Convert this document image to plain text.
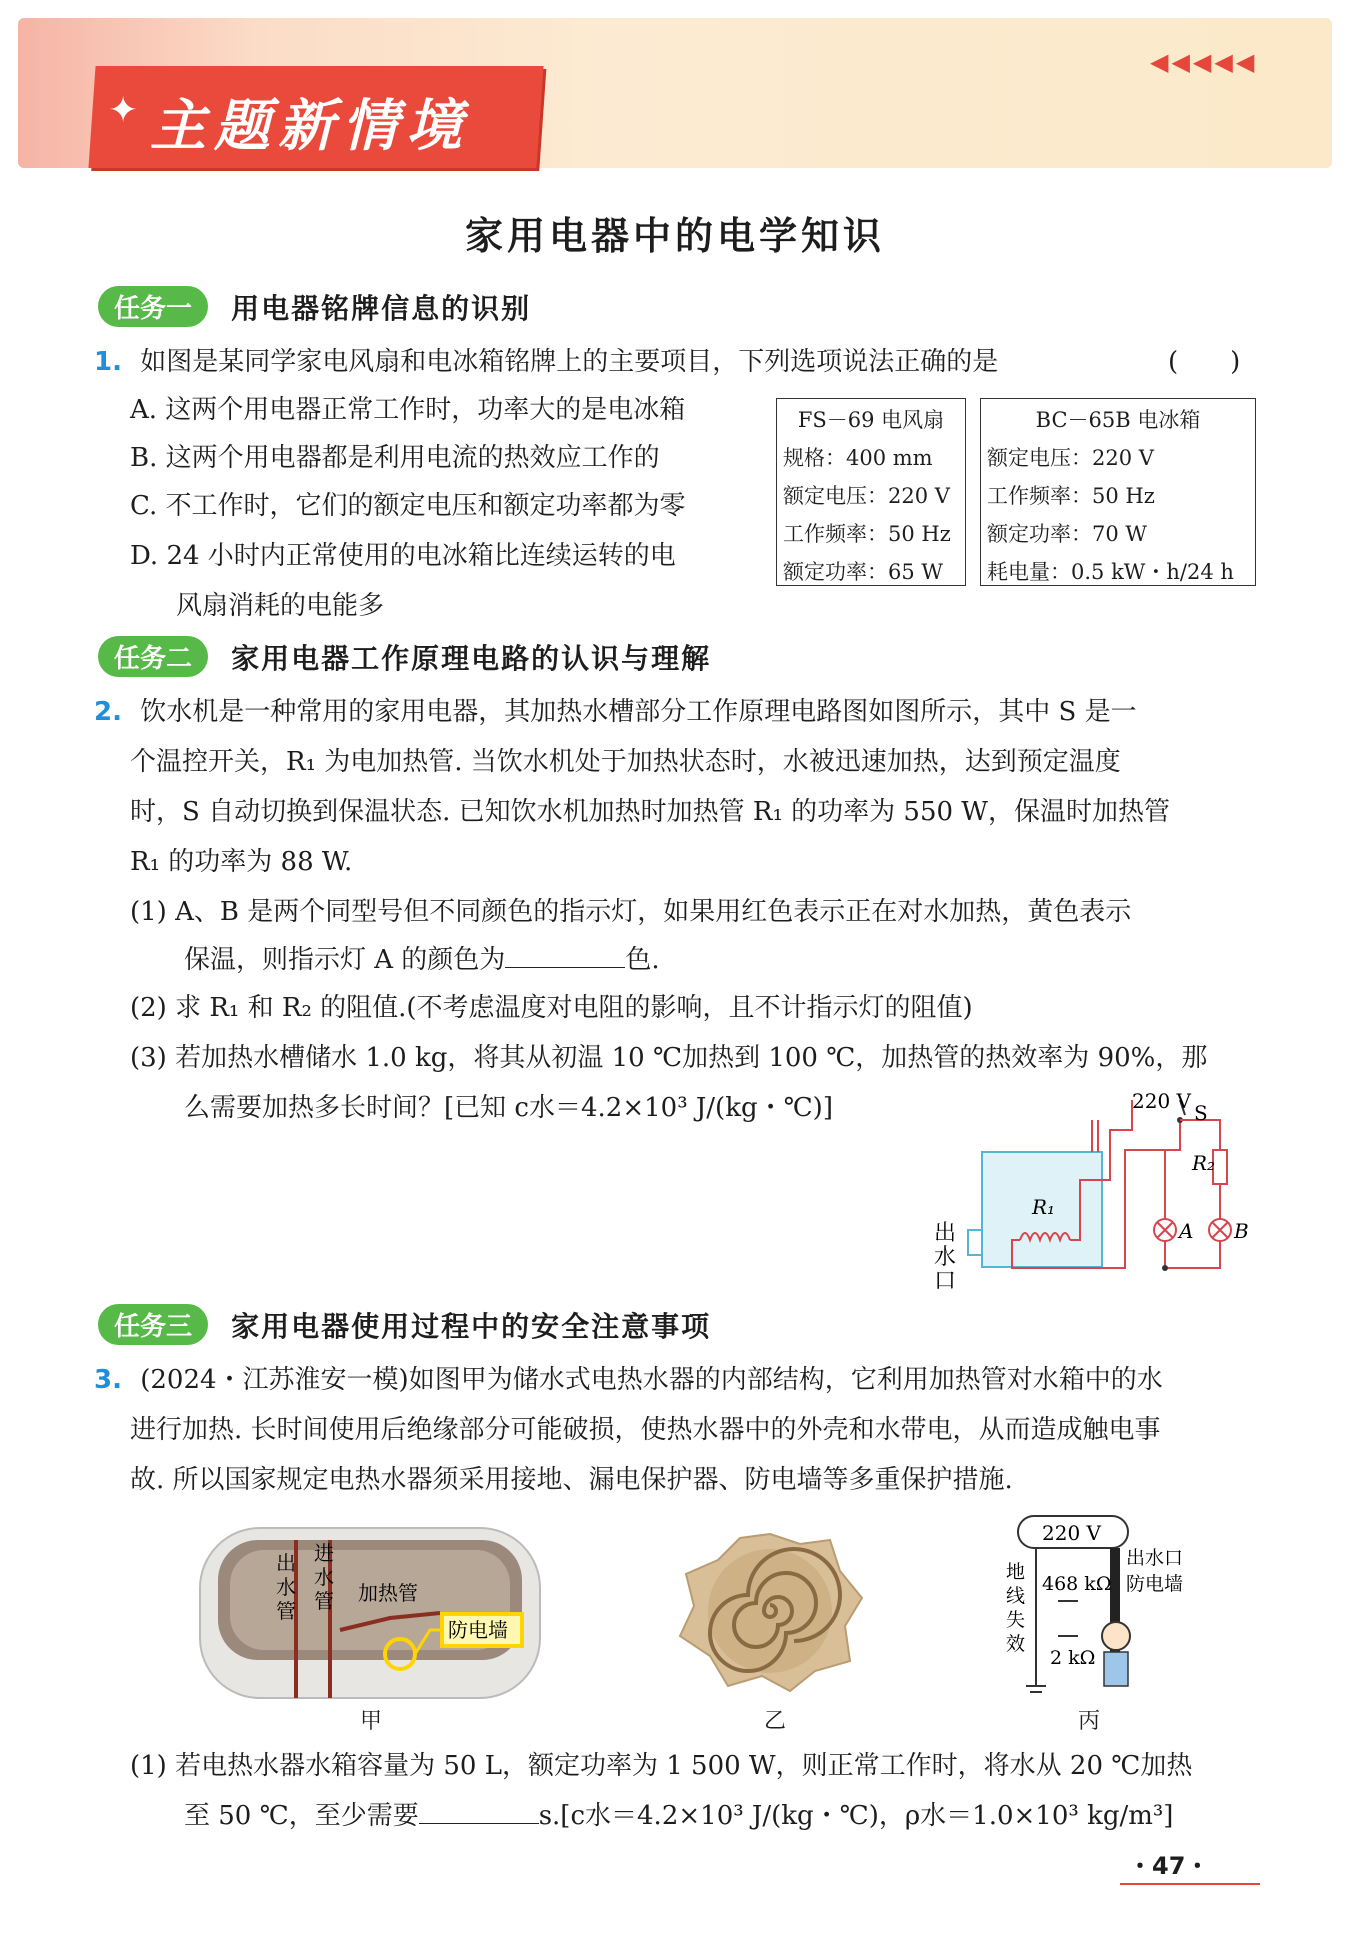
✦ 主题新情境
◀◀◀◀◀
家用电器中的电学知识
任务一 用电器铭牌信息的识别
1. 如图是某同学家电风扇和电冰箱铭牌上的主要项目，下列选项说法正确的是	(　　)
A. 这两个用电器正常工作时，功率大的是电冰箱
B. 这两个用电器都是利用电流的热效应工作的
C. 不工作时，它们的额定电压和额定功率都为零
D. 24 小时内正常使用的电冰箱比连续运转的电
风扇消耗的电能多
FS－69 电风扇
规格：400 mm
额定电压：220 V
工作频率：50 Hz
额定功率：65 W
BC－65B 电冰箱
额定电压：220 V
工作频率：50 Hz
额定功率：70 W
耗电量：0.5 kW・h/24 h
任务二 家用电器工作原理电路的认识与理解
2. 饮水机是一种常用的家用电器，其加热水槽部分工作原理电路图如图所示，其中 S 是一
个温控开关，R₁ 为电加热管. 当饮水机处于加热状态时，水被迅速加热，达到预定温度
时，S 自动切换到保温状态. 已知饮水机加热时加热管 R₁ 的功率为 550 W，保温时加热管
R₁ 的功率为 88 W.
(1) A、B 是两个同型号但不同颜色的指示灯，如果用红色表示正在对水加热，黄色表示
保温，则指示灯 A 的颜色为	色.
(2) 求 R₁ 和 R₂ 的阻值.(不考虑温度对电阻的影响，且不计指示灯的阻值)
(3) 若加热水槽储水 1.0 kg，将其从初温 10 ℃加热到 100 ℃，加热管的热效率为 90%，那
么需要加热多长时间？[已知 c水＝4.2×10³ J/(kg・℃)]	220 V S
R₂
R₁
A B
出
水
口
任务三 家用电器使用过程中的安全注意事项
3. (2024・江苏淮安一模)如图甲为储水式电热水器的内部结构，它利用加热管对水箱中的水
进行加热. 长时间使用后绝缘部分可能破损，使热水器中的外壳和水带电，从而造成触电事
故. 所以国家规定电热水器须采用接地、漏电保护器、防电墙等多重保护措施.
出
水
管
进
水
管 加热管
防电墙
甲	乙
220 V
出水口
防电墙
468 kΩ
2 kΩ
地
线
失
效
丙
(1) 若电热水器水箱容量为 50 L，额定功率为 1 500 W，则正常工作时，将水从 20 ℃加热
至 50 ℃，至少需要	s.[c水＝4.2×10³ J/(kg・℃)，ρ水＝1.0×10³ kg/m³]
・47・
